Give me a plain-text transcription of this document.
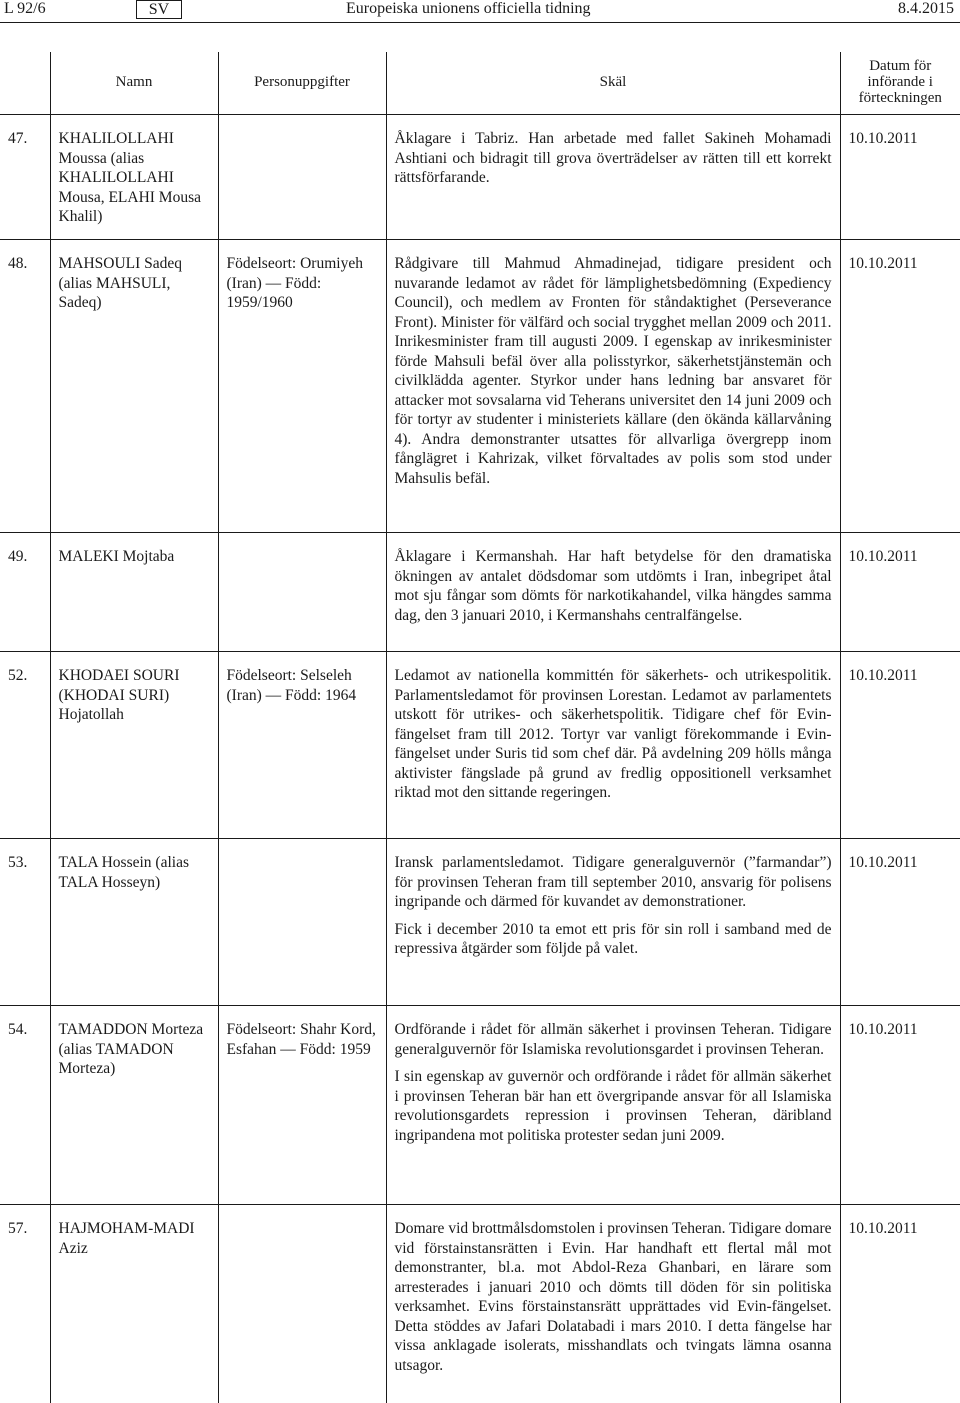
L 92/6	SV	Europeiska unionens officiella tidning	8.4.2015
	Namn	Personuppgifter	Skäl	Datum för införande i förteckningen
47.	KHALILOLLAHI Moussa (alias KHALILOLLAHI Mousa, ELAHI Mousa Khalil)		Åklagare i Tabriz. Han arbetade med fallet Sakineh Mohamadi Ashtiani och bidragit till grova överträdelser av rätten till ett korrekt rättsförfarande.	10.10.2011
48.	MAHSOULI Sadeq (alias MAHSULI, Sadeq)	Födelseort: Orumiyeh (Iran) — Född: 1959/1960	Rådgivare till Mahmud Ahmadinejad, tidigare president och nuvarande ledamot av rådet för lämplighetsbedömning (Expediency Council), och medlem av Fronten för ståndaktighet (Perseverance Front). Minister för välfärd och social trygghet mellan 2009 och 2011. Inrikesminister fram till augusti 2009. I egenskap av inrikesminister förde Mahsuli befäl över alla polisstyrkor, säkerhetstjänstemän och civilklädda agenter. Styrkor under hans ledning bar ansvaret för attacker mot sovsalarna vid Teherans universitet den 14 juni 2009 och för tortyr av studenter i ministeriets källare (den ökända källarvåning 4). Andra demonstranter utsattes för allvarliga övergrepp inom fånglägret i Kahrizak, vilket förvaltades av polis som stod under Mahsulis befäl.	10.10.2011
49.	MALEKI Mojtaba		Åklagare i Kermanshah. Har haft betydelse för den dramatiska ökningen av antalet dödsdomar som utdömts i Iran, inbegripet åtal mot sju fångar som dömts för narkotikahandel, vilka hängdes samma dag, den 3 januari 2010, i Kermanshahs centralfängelse.	10.10.2011
52.	KHODAEI SOURI (KHODAI SURI) Hojatollah	Födelseort: Selseleh (Iran) — Född: 1964	Ledamot av nationella kommittén för säkerhets- och utrikespolitik. Parlamentsledamot för provinsen Lorestan. Ledamot av parlamentets utskott för utrikes- och säkerhetspolitik. Tidigare chef för Evin-fängelset fram till 2012. Tortyr var vanligt förekommande i Evin-fängelset under Suris tid som chef där. På avdelning 209 hölls många aktivister fängslade på grund av fredlig oppositionell verksamhet riktad mot den sittande regeringen.	10.10.2011
53.	TALA Hossein (alias TALA Hosseyn)		Iransk parlamentsledamot. Tidigare generalguvernör (”farmandar”) för provinsen Teheran fram till september 2010, ansvarig för polisens ingripande och därmed för kuvandet av demonstrationer.

Fick i december 2010 ta emot ett pris för sin roll i samband med de repressiva åtgärder som följde på valet.	10.10.2011
54.	TAMADDON Morteza (alias TAMADON Morteza)	Födelseort: Shahr Kord, Esfahan — Född: 1959	Ordförande i rådet för allmän säkerhet i provinsen Teheran. Tidigare generalguvernör för Islamiska revolutionsgardet i provinsen Teheran.

I sin egenskap av guvernör och ordförande i rådet för allmän säkerhet i provinsen Teheran bär han ett övergripande ansvar för all Islamiska revolutionsgardets repression i provinsen Teheran, däribland ingripandena mot politiska protester sedan juni 2009.	10.10.2011
57.	HAJMOHAM-MADI Aziz		Domare vid brottmålsdomstolen i provinsen Teheran. Tidigare domare vid förstainstansrätten i Evin. Har handhaft ett flertal mål mot demonstranter, bl.a. mot Abdol-Reza Ghanbari, en lärare som arresterades i januari 2010 och dömts till döden för sin politiska verksamhet. Evins förstainstansrätt upprättades vid Evin-fängelset. Detta stöddes av Jafari Dolatabadi i mars 2010. I detta fängelse har vissa anklagade isolerats, misshandlats och tvingats lämna osanna utsagor.	10.10.2011
